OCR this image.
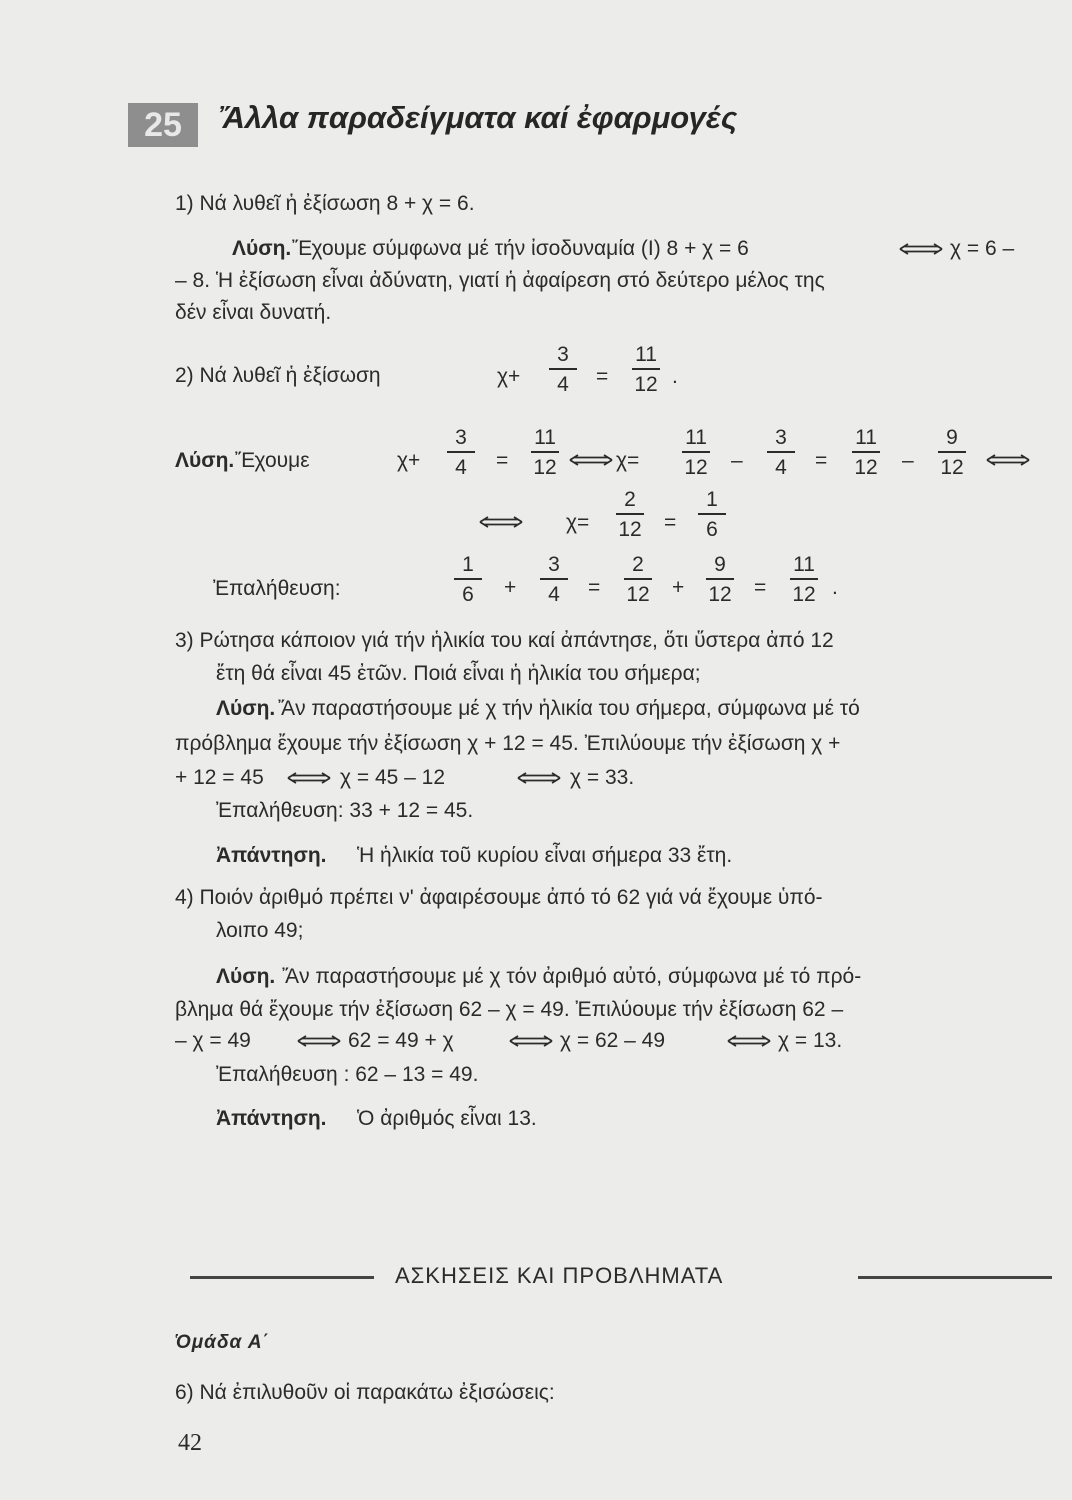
25	Ἄλλα παραδείγματα καί ἐφαρμογές
1) Νά λυθεῖ ἡ ἐξίσωση 8 + χ = 6.
Λύση. Ἔχουμε σύμφωνα μέ τήν ἰσοδυναμία (Ι) 8 + χ = 6	χ = 6 –
– 8. Ἡ ἐξίσωση εἶναι ἀδύνατη, γιατί ἡ ἀφαίρεση στό δεύτερο μέλος της
δέν εἶναι δυνατή.
2) Νά λυθεῖ ἡ ἐξίσωση	χ+
3
4	=
11
12 .
Λύση. Ἔχουμε	χ+
3
4	=
11
12	χ=
11
12	–
3
4	=
11
12	–
9
12
χ=
2
12	=
1
6
Ἐπαλήθευση:
1
6	+
3
4	=
2
12	+
9
12	=
11
12 .
3) Ρώτησα κάποιον γιά τήν ἡλικία του καί ἀπάντησε, ὅτι ὕστερα ἀπό 12
ἔτη θά εἶναι 45 ἐτῶν. Ποιά εἶναι ἡ ἡλικία του σήμερα;
Λύση. Ἄν παραστήσουμε μέ χ τήν ἡλικία του σήμερα, σύμφωνα μέ τό
πρόβλημα ἔχουμε τήν ἐξίσωση χ + 12 = 45. Ἐπιλύουμε τήν ἐξίσωση χ +
+ 12 = 45	χ = 45 – 12	χ = 33.
Ἐπαλήθευση: 33 + 12 = 45.
Ἀπάντηση. Ἡ ἡλικία τοῦ κυρίου εἶναι σήμερα 33 ἔτη.
4) Ποιόν ἀριθμό πρέπει ν' ἀφαιρέσουμε ἀπό τό 62 γιά νά ἔχουμε ὑπό-
λοιπο 49;
Λύση. Ἄν παραστήσουμε μέ χ τόν ἀριθμό αὐτό, σύμφωνα μέ τό πρό-
βλημα θά ἔχουμε τήν ἐξίσωση 62 – χ = 49. Ἐπιλύουμε τήν ἐξίσωση 62 –
– χ = 49	62 = 49 + χ	χ = 62 – 49	χ = 13.
Ἐπαλήθευση : 62 – 13 = 49.
Ἀπάντηση. Ὁ ἀριθμός εἶναι 13.
ΑΣΚΗΣΕΙΣ ΚΑΙ ΠΡΟΒΛΗΜΑΤΑ
Ὁμάδα Α΄
6) Νά ἐπιλυθοῦν οἱ παρακάτω ἐξισώσεις:
42
